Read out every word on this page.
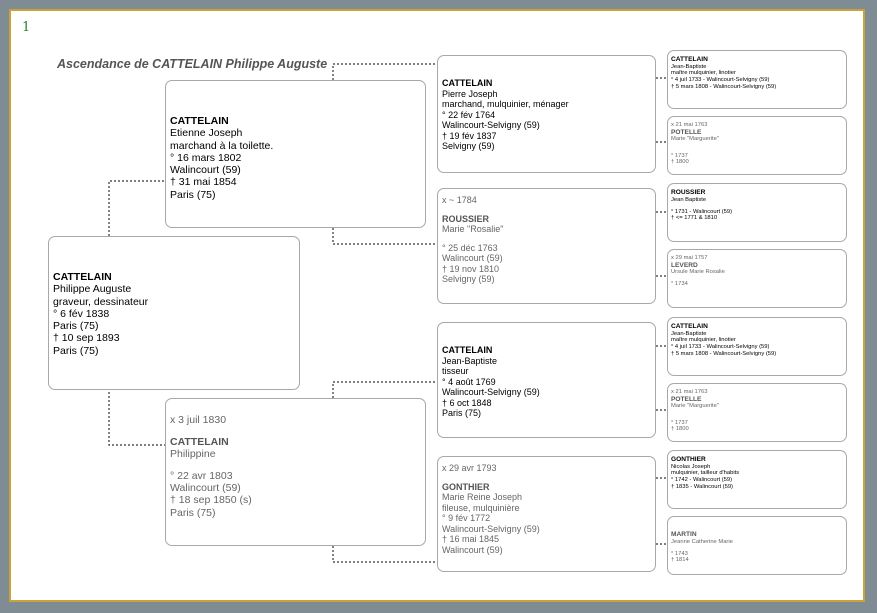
1
Ascendance de CATTELAIN Philippe Auguste
CATTELAIN
Philippe Auguste
graveur, dessinateur
° 6 fév 1838
Paris (75)
† 10 sep 1893
Paris (75)
CATTELAIN
Etienne Joseph
marchand à la toilette.
° 16 mars 1802
Walincourt (59)
† 31 mai 1854
Paris (75)
x 3 juil 1830
CATTELAIN
Philippine
° 22 avr 1803
Walincourt (59)
† 18 sep 1850 (s)
Paris (75)
CATTELAIN
Pierre Joseph
marchand, mulquinier, ménager
° 22 fév 1764
Walincourt-Selvigny (59)
† 19 fév 1837
Selvigny (59)
x ~ 1784
ROUSSIER
Marie "Rosalie"
° 25 déc 1763
Walincourt (59)
† 19 nov 1810
Selvigny (59)
CATTELAIN
Jean-Baptiste
tisseur
° 4 août 1769
Walincourt-Selvigny (59)
† 6 oct 1848
Paris (75)
x 29 avr 1793
GONTHIER
Marie Reine Joseph
fileuse, mulquinière
° 9 fév 1772
Walincourt-Selvigny (59)
† 16 mai 1845
Walincourt (59)
CATTELAIN
Jean-Baptiste
maître mulquinier, linotier
° 4 juil 1733 - Walincourt-Selvigny (59)
† 5 mars 1808 - Walincourt-Selvigny (59)
x 21 mai 1763
POTELLE
Marie "Marguerite"
° 1737
† 1800
ROUSSIER
Jean Baptiste
° 1731 - Walincourt (59)
† <= 1771 & 1810
x 29 mai 1757
LEVERD
Ursule Marie Rosalie
° 1734
CATTELAIN
Jean-Baptiste
maître mulquinier, linotier
° 4 juil 1733 - Walincourt-Selvigny (59)
† 5 mars 1808 - Walincourt-Selvigny (59)
x 21 mai 1763
POTELLE
Marie "Marguerite"
° 1737
† 1800
GONTHIER
Nicolas Joseph
mulquinier, tailleur d'habits
° 1742 - Walincourt (59)
† 1835 - Walincourt (59)
MARTIN
Jeanne Catherine Marie
° 1743
† 1814
